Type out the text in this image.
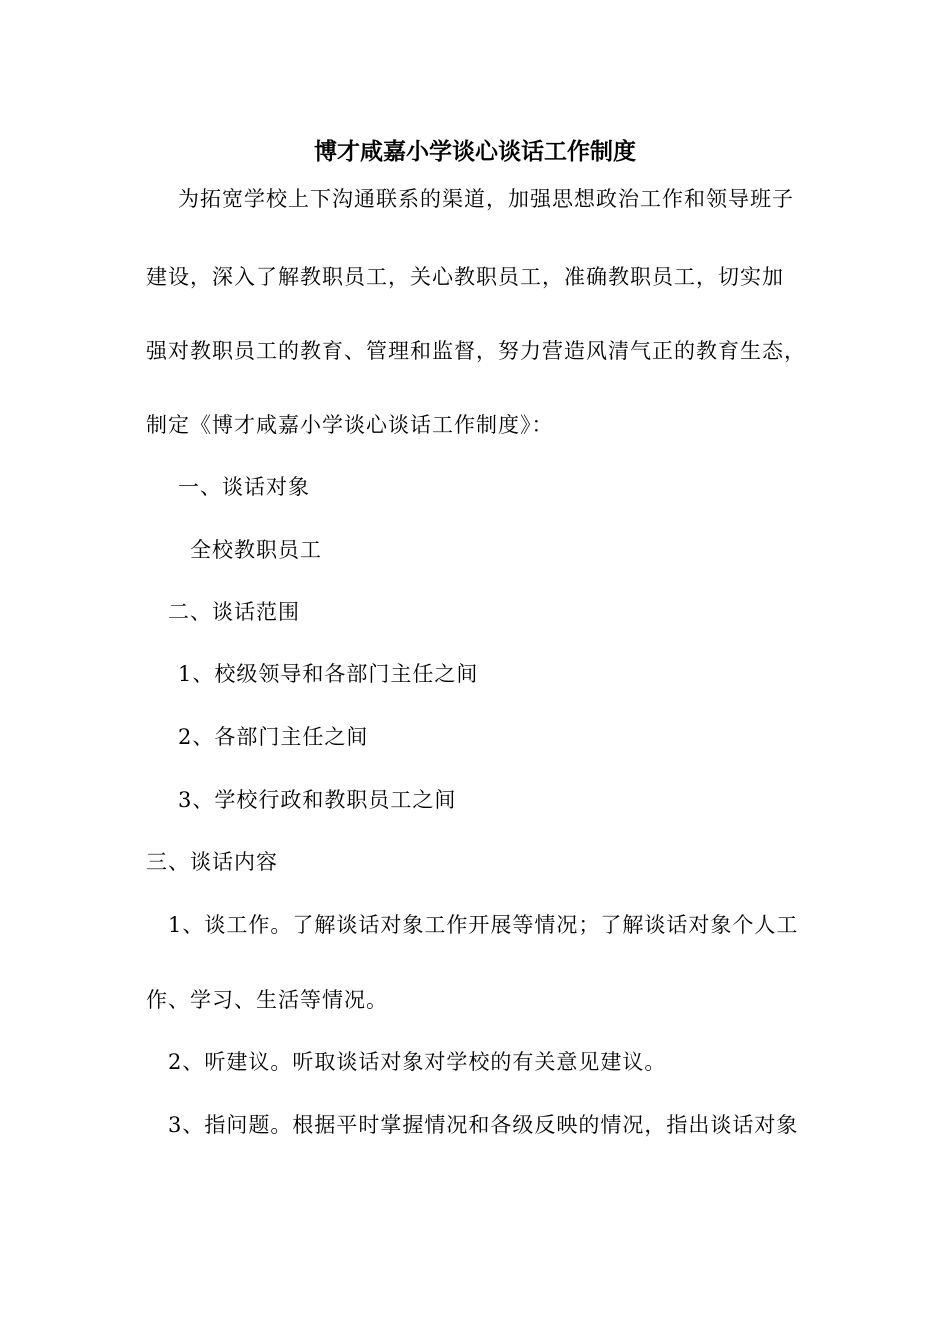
博才咸嘉小学谈心谈话工作制度
为拓宽学校上下沟通联系的渠道，加强思想政治工作和领导班子
建设，深入了解教职员工，关心教职员工，准确教职员工，切实加
强对教职员工的教育、管理和监督，努力营造风清气正的教育生态，
制定《博才咸嘉小学谈心谈话工作制度》：
一、谈话对象
全校教职员工
二、谈话范围
1、校级领导和各部门主任之间
2、各部门主任之间
3、学校行政和教职员工之间
三、谈话内容
1、谈工作。了解谈话对象工作开展等情况；了解谈话对象个人工
作、学习、生活等情况。
2、听建议。听取谈话对象对学校的有关意见建议。
3、指问题。根据平时掌握情况和各级反映的情况，指出谈话对象
